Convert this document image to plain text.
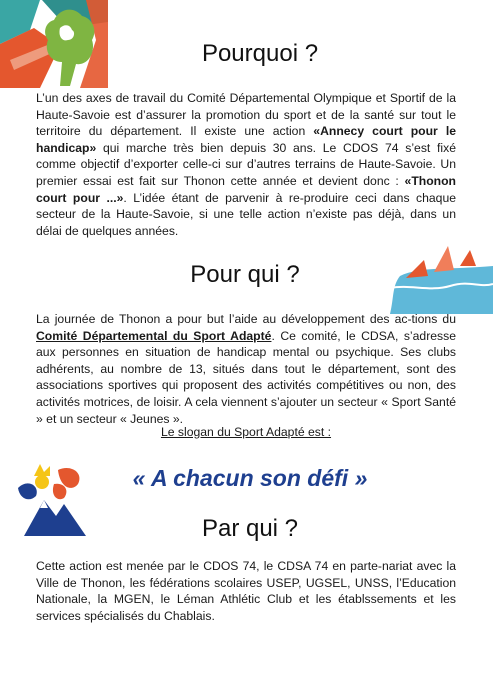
Pourquoi ?

L’un des axes de travail du Comité Départemental Olympique et Sportif de la Haute-Savoie est d’assurer la promotion du sport et de la santé sur tout le territoire du département. Il existe une action «Annecy court pour le handicap» qui marche très bien depuis 30 ans. Le CDOS 74 s’est fixé comme objectif d’exporter celle-ci sur d’autres terrains de Haute-Savoie. Un premier essai est fait sur Thonon cette année et devient donc : «Thonon court pour ...». L’idée étant de parvenir à re-produire ceci dans chaque secteur de la Haute-Savoie, si une telle action n’existe pas déjà, dans un délai de quelques années.

Pour qui ?

La journée de Thonon a pour but l’aide au développement des ac-tions du Comité Départemental du Sport Adapté. Ce comité, le CDSA, s’adresse aux personnes en situation de handicap mental ou psychique. Ses clubs adhérents, au nombre de 13, situés dans tout le département, sont des associations sportives qui proposent des activités compétitives ou non, des activités motrices, de loisir. A cela viennent s’ajouter un secteur « Sport Santé » et un secteur « Jeunes ».

Le slogan du Sport Adapté est :
« A chacun son défi »
Par qui ?

Cette action est menée par le CDOS 74, le CDSA 74 en parte-nariat avec la Ville de Thonon, les fédérations scolaires USEP, UGSEL, UNSS, l’Education Nationale, la MGEN, le Léman Athlétic Club et les établssements et les services spécialisés du Chablais.
